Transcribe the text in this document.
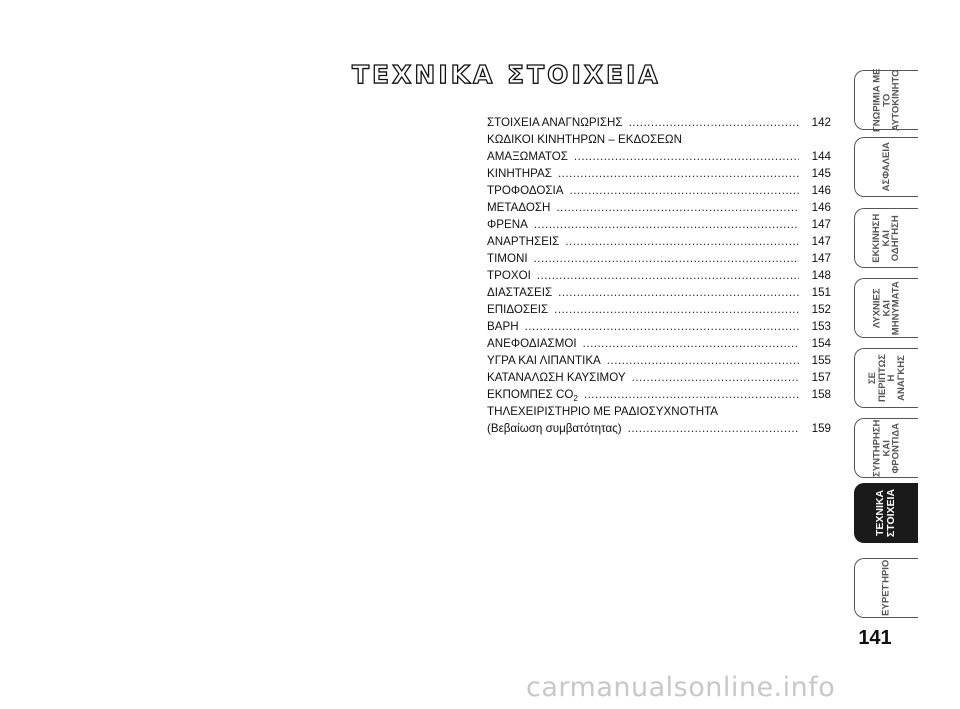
ΤΕΧΝΙΚΑ ΣΤΟΙΧΕΙΑ
ΣΤΟΙΧΕΙΑ ΑΝΑΓΝΩΡΙΣΗΣ .....	142
ΚΩΔΙΚΟΙ ΚΙΝΗΤΗΡΩΝ – ΕΚΔΟΣΕΩΝ
ΑΜΑΞΩΜΑΤΟΣ .....	144
ΚΙΝΗΤΗΡΑΣ .....	145
ΤΡΟΦΟΔΟΣΙΑ .....	146
ΜΕΤΑΔΟΣΗ .....	146
ΦΡΕΝΑ .....	147
ΑΝΑΡΤΗΣΕΙΣ .....	147
ΤΙΜΟΝΙ .....	147
ΤΡΟΧΟΙ .....	148
ΔΙΑΣΤΑΣΕΙΣ .....	151
ΕΠΙΔΟΣΕΙΣ .....	152
ΒΑΡΗ .....	153
ΑΝΕΦΟΔΙΑΣΜΟΙ .....	154
ΥΓΡΑ ΚΑΙ ΛΙΠΑΝΤΙΚΑ .....	155
ΚΑΤΑΝΑΛΩΣΗ ΚΑΥΣΙΜΟΥ .....	157
ΕΚΠΟΜΠΕΣ $CO_2$ .....	158
ΤΗΛΕΧΕΙΡΙΣΤΗΡΙΟ ΜΕ ΡΑΔΙΟΣΥΧΝΟΤΗΤΑ
(Βεβαίωση συμβατότητας) .....	159
ΓΝΩΡΙΜΙΑ ΜΕ
ΤΟ
ΑΥΤΟΚΙΝΗΤΟ
ΑΣΦΑΛΕΙΑ
ΕΚΚΙΝΗΣΗ
ΚΑΙ
ΟΔΗΓΗΣΗ
ΛΥΧΝΙΕΣ
ΚΑΙ
ΜΗΝΥΜΑΤΑ
ΣΕ
ΠΕΡΙΠΤΩΣ
Η
ΑΝΑΓΚΗΣ
ΣΥΝΤΗΡΗΣΗ
ΚΑΙ
ΦΡΟΝΤΙΔΑ
ΤΕΧΝΙΚΑ
ΣΤΟΙΧΕΙΑ
ΕΥΡΕΤΉΡΙΟ
141
carmanualsonline.info
